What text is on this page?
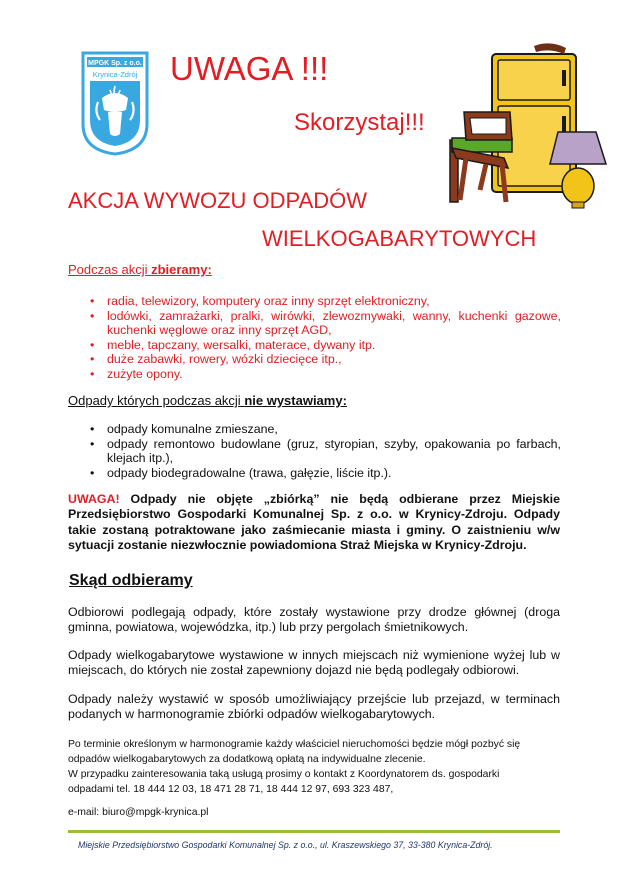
MPGK Sp. z o.o.
Krynica-Zdrój UWAGA !!!
Skorzystaj!!!
AKCJA WYWOZU ODPADÓW
WIELKOGABARYTOWYCH
Podczas akcji zbieramy:
• radia, telewizory, komputery oraz inny sprzęt elektroniczny,
• lodówki, zamrażarki, pralki, wirówki, zlewozmywaki, wanny, kuchenki gazowe, kuchenki węglowe oraz inny sprzęt AGD,
• meble, tapczany, wersalki, materace, dywany itp.
• duże zabawki, rowery, wózki dziecięce itp.,
• zużyte opony.
Odpady których podczas akcji nie wystawiamy:
• odpady komunalne zmieszane,
• odpady remontowo budowlane (gruz, styropian, szyby, opakowania po farbach, klejach itp.),
• odpady biodegradowalne (trawa, gałęzie, liście itp.).
UWAGA! Odpady nie objęte „zbiórką” nie będą odbierane przez Miejskie Przedsiębiorstwo Gospodarki Komunalnej Sp. z o.o. w Krynicy-Zdroju. Odpady takie zostaną potraktowane jako zaśmiecanie miasta i gminy. O zaistnieniu w/w sytuacji zostanie niezwłocznie powiadomiona Straż Miejska w Krynicy-Zdroju.
Skąd odbieramy
Odbiorowi podlegają odpady, które zostały wystawione przy drodze głównej (droga gminna, powiatowa, wojewódzka, itp.) lub przy pergolach śmietnikowych.
Odpady wielkogabarytowe wystawione w innych miejscach niż wymienione wyżej lub w miejscach, do których nie został zapewniony dojazd nie będą podlegały odbiorowi.
Odpady należy wystawić w sposób umożliwiający przejście lub przejazd, w terminach podanych w harmonogramie zbiórki odpadów wielkogabarytowych.
Po terminie określonym w harmonogramie każdy właściciel nieruchomości będzie mógł pozbyć się
odpadów wielkogabarytowych za dodatkową opłatą na indywidualne zlecenie.
W przypadku zainteresowania taką usługą prosimy o kontakt z Koordynatorem ds. gospodarki
odpadami tel. 18 444 12 03, 18 471 28 71, 18 444 12 97, 693 323 487,
e-mail: biuro@mpgk-krynica.pl
Miejskie Przedsiębiorstwo Gospodarki Komunalnej Sp. z o.o., ul. Kraszewskiego 37, 33-380 Krynica-Zdrój.
